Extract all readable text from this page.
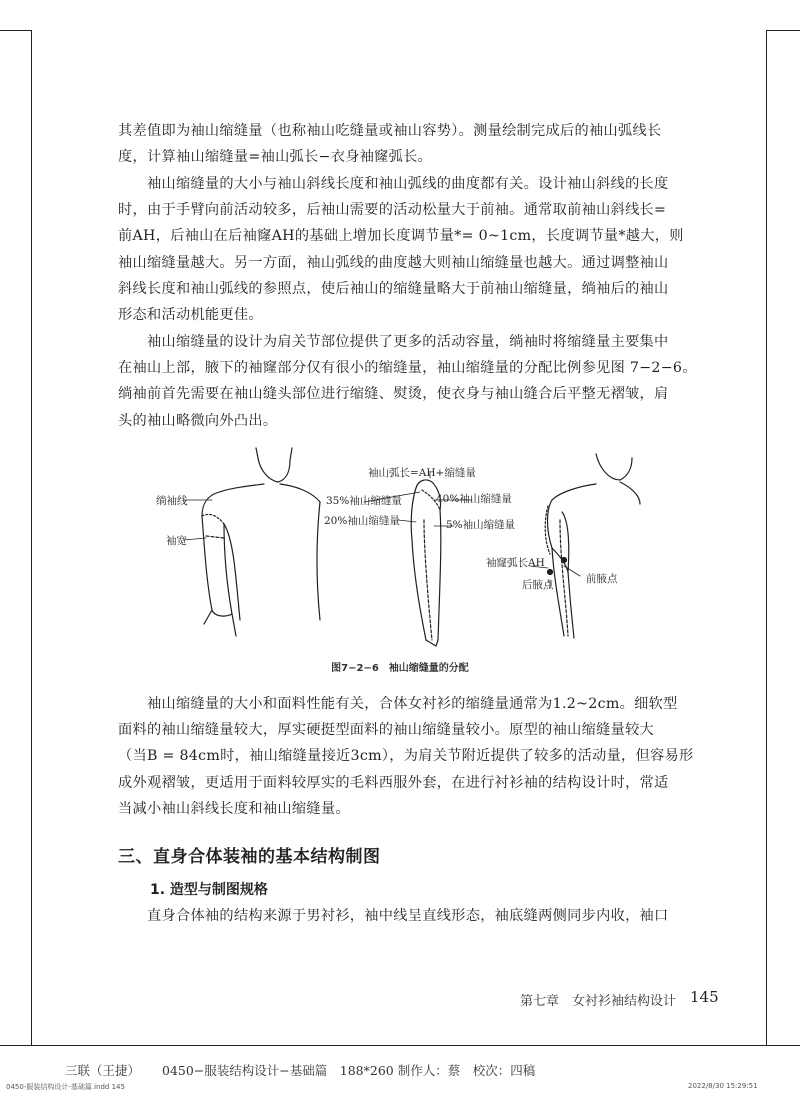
其差值即为袖山缩缝量（也称袖山吃缝量或袖山容势）。测量绘制完成后的袖山弧线长
度，计算袖山缩缝量=袖山弧长−衣身袖窿弧长。

　　袖山缩缝量的大小与袖山斜线长度和袖山弧线的曲度都有关。设计袖山斜线的长度
时，由于手臂向前活动较多，后袖山需要的活动松量大于前袖。通常取前袖山斜线长=
前AH，后袖山在后袖窿AH的基础上增加长度调节量*= 0~1cm，长度调节量*越大，则
袖山缩缝量越大。另一方面，袖山弧线的曲度越大则袖山缩缝量也越大。通过调整袖山
斜线长度和袖山弧线的参照点，使后袖山的缩缝量略大于前袖山缩缝量，绱袖后的袖山
形态和活动机能更佳。

　　袖山缩缝量的设计为肩关节部位提供了更多的活动容量，绱袖时将缩缝量主要集中
在袖山上部，腋下的袖窿部分仅有很小的缩缝量，袖山缩缝量的分配比例参见图 7−2−6。
绱袖前首先需要在袖山缝头部位进行缩缝、熨烫，使衣身与袖山缝合后平整无褶皱，肩
头的袖山略微向外凸出。

绱袖线
袖宽
袖山弧长=AH+缩缝量
35%袖山缩缝量	40%袖山缩缝量
20%袖山缩缝量	5%袖山缩缝量
袖窿弧长AH
后腋点	前腋点
图7−2−6　袖山缩缝量的分配

　　袖山缩缝量的大小和面料性能有关，合体女衬衫的缩缝量通常为1.2~2cm。细软型
面料的袖山缩缝量较大，厚实硬挺型面料的袖山缩缝量较小。原型的袖山缩缝量较大
（当B = 84cm时，袖山缩缝量接近3cm），为肩关节附近提供了较多的活动量，但容易形
成外观褶皱，更适用于面料较厚实的毛料西服外套，在进行衬衫袖的结构设计时，常适
当减小袖山斜线长度和袖山缩缝量。

三、直身合体装袖的基本结构制图
1. 造型与制图规格

　　直身合体袖的结构来源于男衬衫，袖中线呈直线形态，袖底缝两侧同步内收，袖口

第七章　女衬衫袖结构设计 145
三联（王捷） 0450−服装结构设计−基础篇　188*260 制作人：蔡　校次：四稿
0450-服装结构设计-基础篇.indd 145	2022/8/30 15:29:51
